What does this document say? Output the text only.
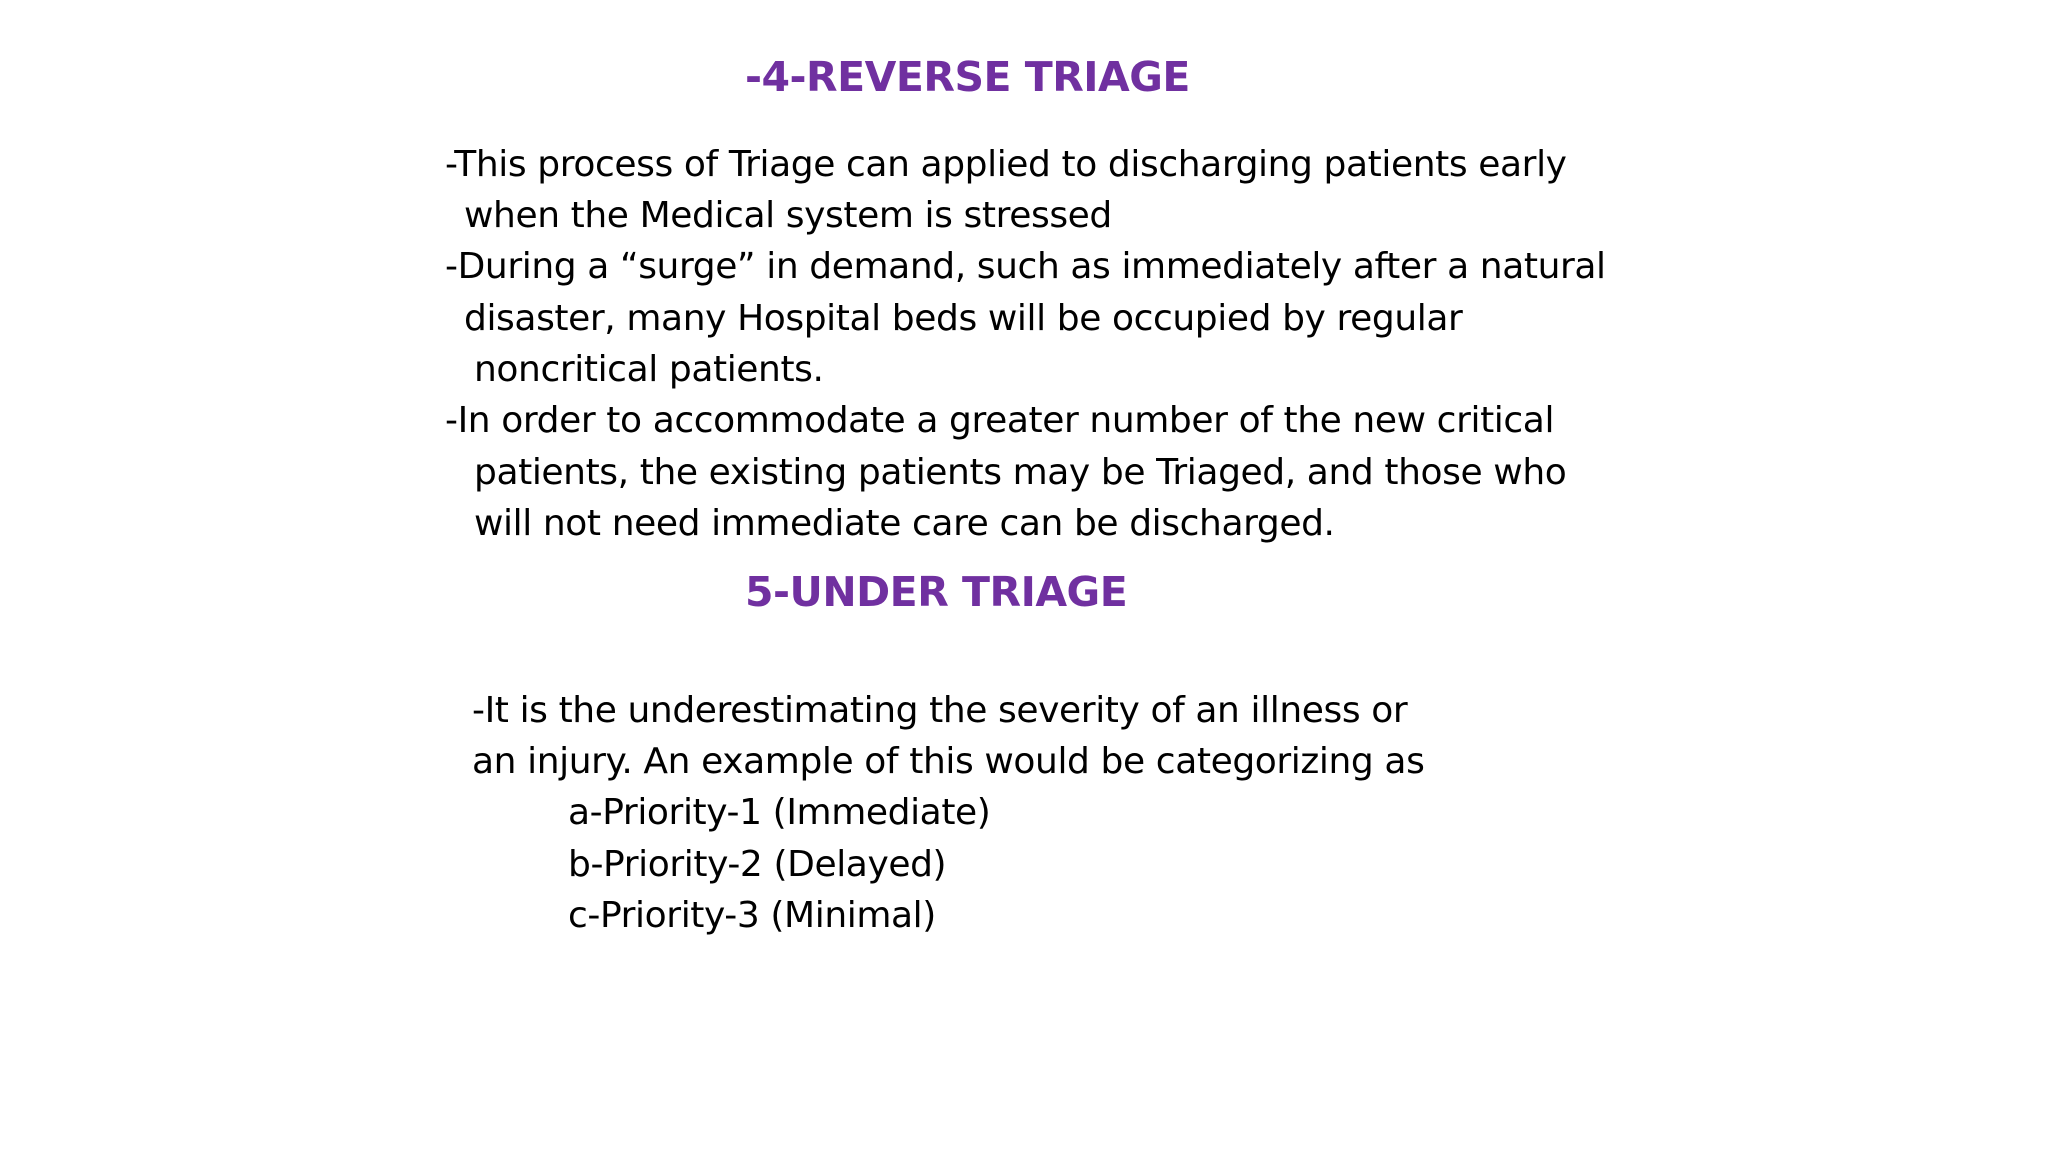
-4-REVERSE TRIAGE
-This process of Triage can applied to discharging patients early
when the Medical system is stressed
-During a “surge” in demand, such as immediately after a natural
disaster, many Hospital beds will be occupied by regular
noncritical patients.
-In order to accommodate a greater number of the new critical
patients, the existing patients may be Triaged, and those who
will not need immediate care can be discharged.
5-UNDER TRIAGE
-It is the underestimating the severity of an illness or
an injury. An example of this would be categorizing as
a-Priority-1 (Immediate)
b-Priority-2 (Delayed)
c-Priority-3 (Minimal)
